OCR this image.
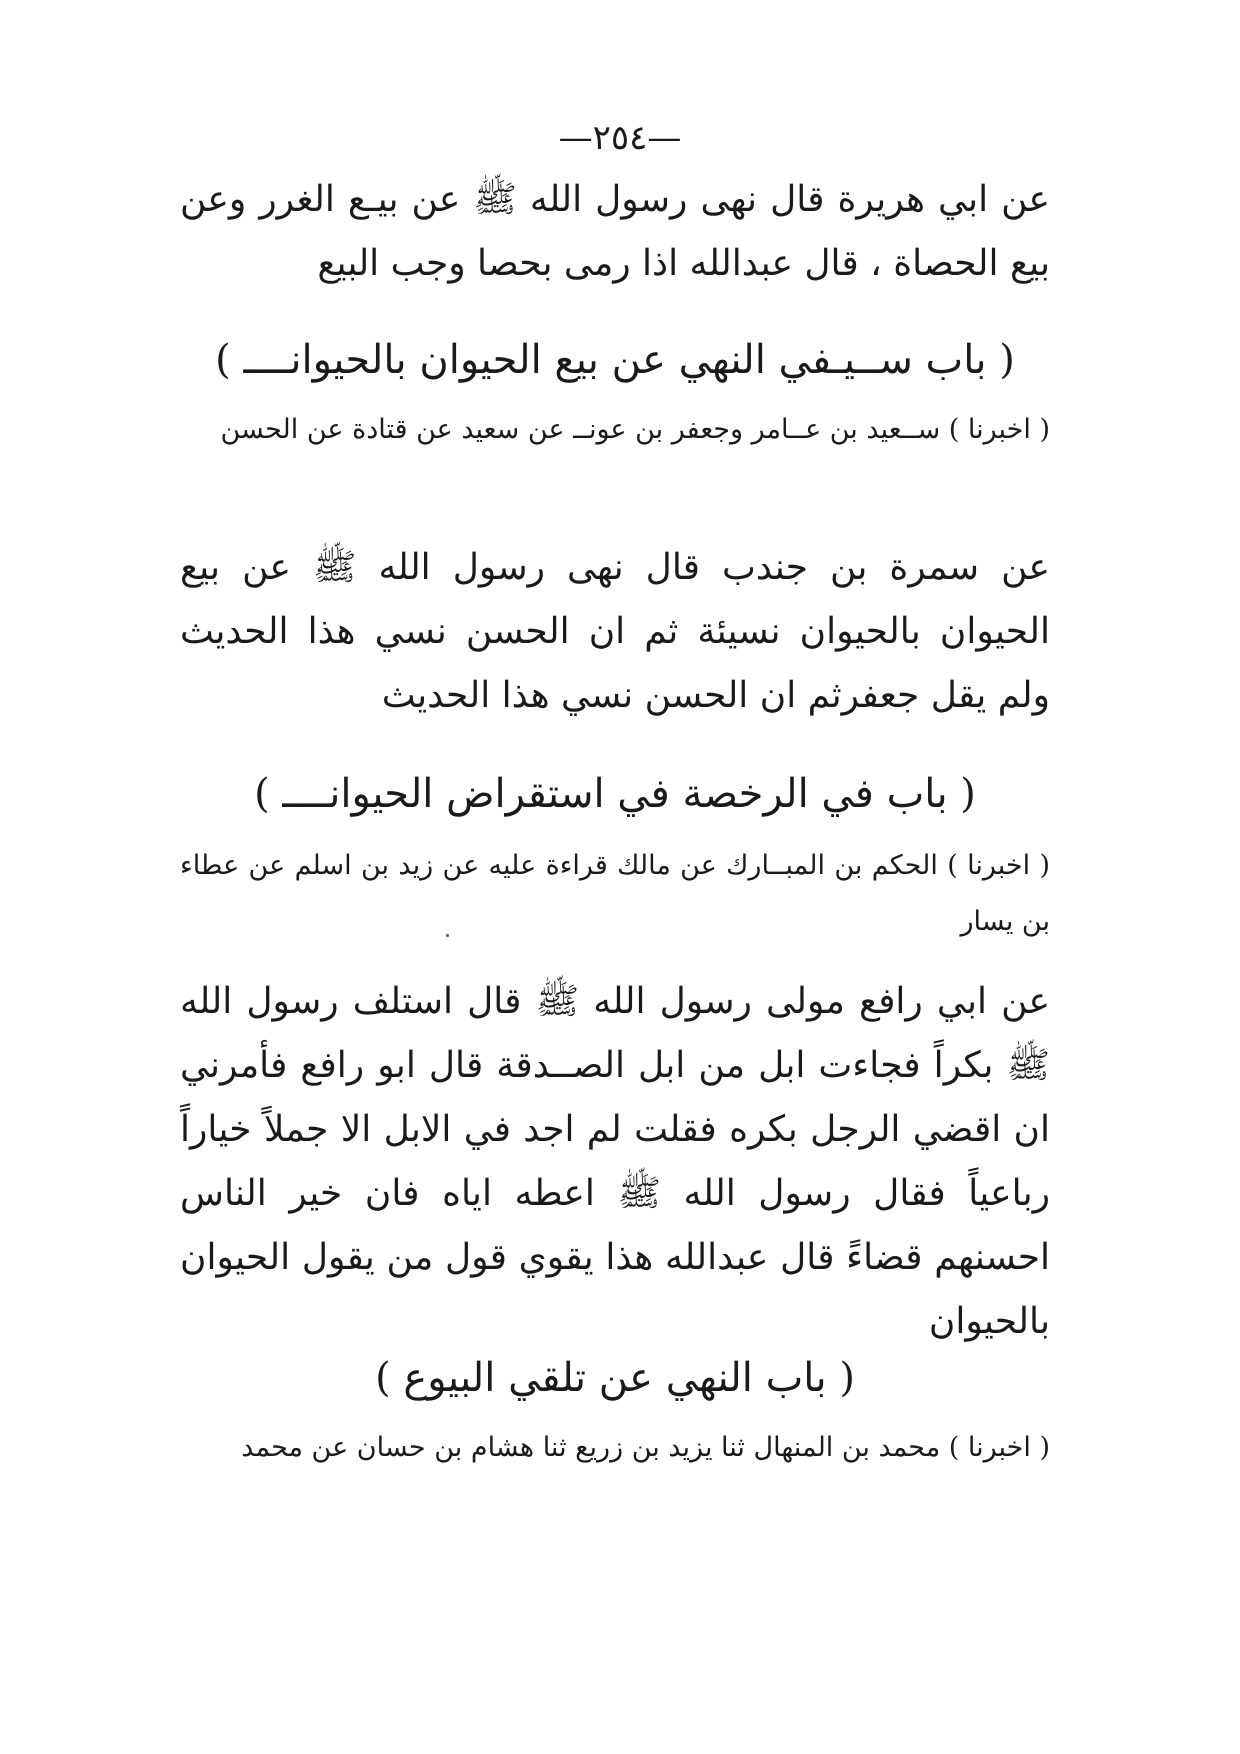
—٢٥٤—

عن ابي هريرة قال نهى رسول الله ﷺ عن بيـع الغرر وعن بيع الحصاة ، قال عبدالله اذا رمى بحصا وجب البيع

( باب ســيـفي النهي عن بيع الحيوان بالحيوانــــ )

( اخبرنا ) ســعيد بن عــامر وجعفر بن عونــ عن سعيد عن قتادة عن الحسن

عن سمرة بن جندب قال نهى رسول الله ﷺ عن بيع الحيوان بالحيوان نسيئة ثم ان الحسن نسي هذا الحديث ولم يقل جعفرثم ان الحسن نسي هذا الحديث

( باب في الرخصة في استقراض الحيوانــــ )

( اخبرنا ) الحكم بن المبــارك عن مالك قراءة عليه عن زيد بن اسلم عن عطاء بن يسار

عن ابي رافع مولى رسول الله ﷺ قال استلف رسول الله ﷺ بكراً فجاءت ابل من ابل الصــدقة قال ابو رافع فأمرني ان اقضي الرجل بكره فقلت لم اجد في الابل الا جملاً خياراً رباعياً فقال رسول الله ﷺ اعطه اياه فان خير الناس احسنهم قضاءً قال عبدالله هذا يقوي قول من يقول الحيوان بالحيوان

( باب النهي عن تلقي البيوع )

( اخبرنا ) محمد بن المنهال ثنا يزيد بن زريع ثنا هشام بن حسان عن محمد
